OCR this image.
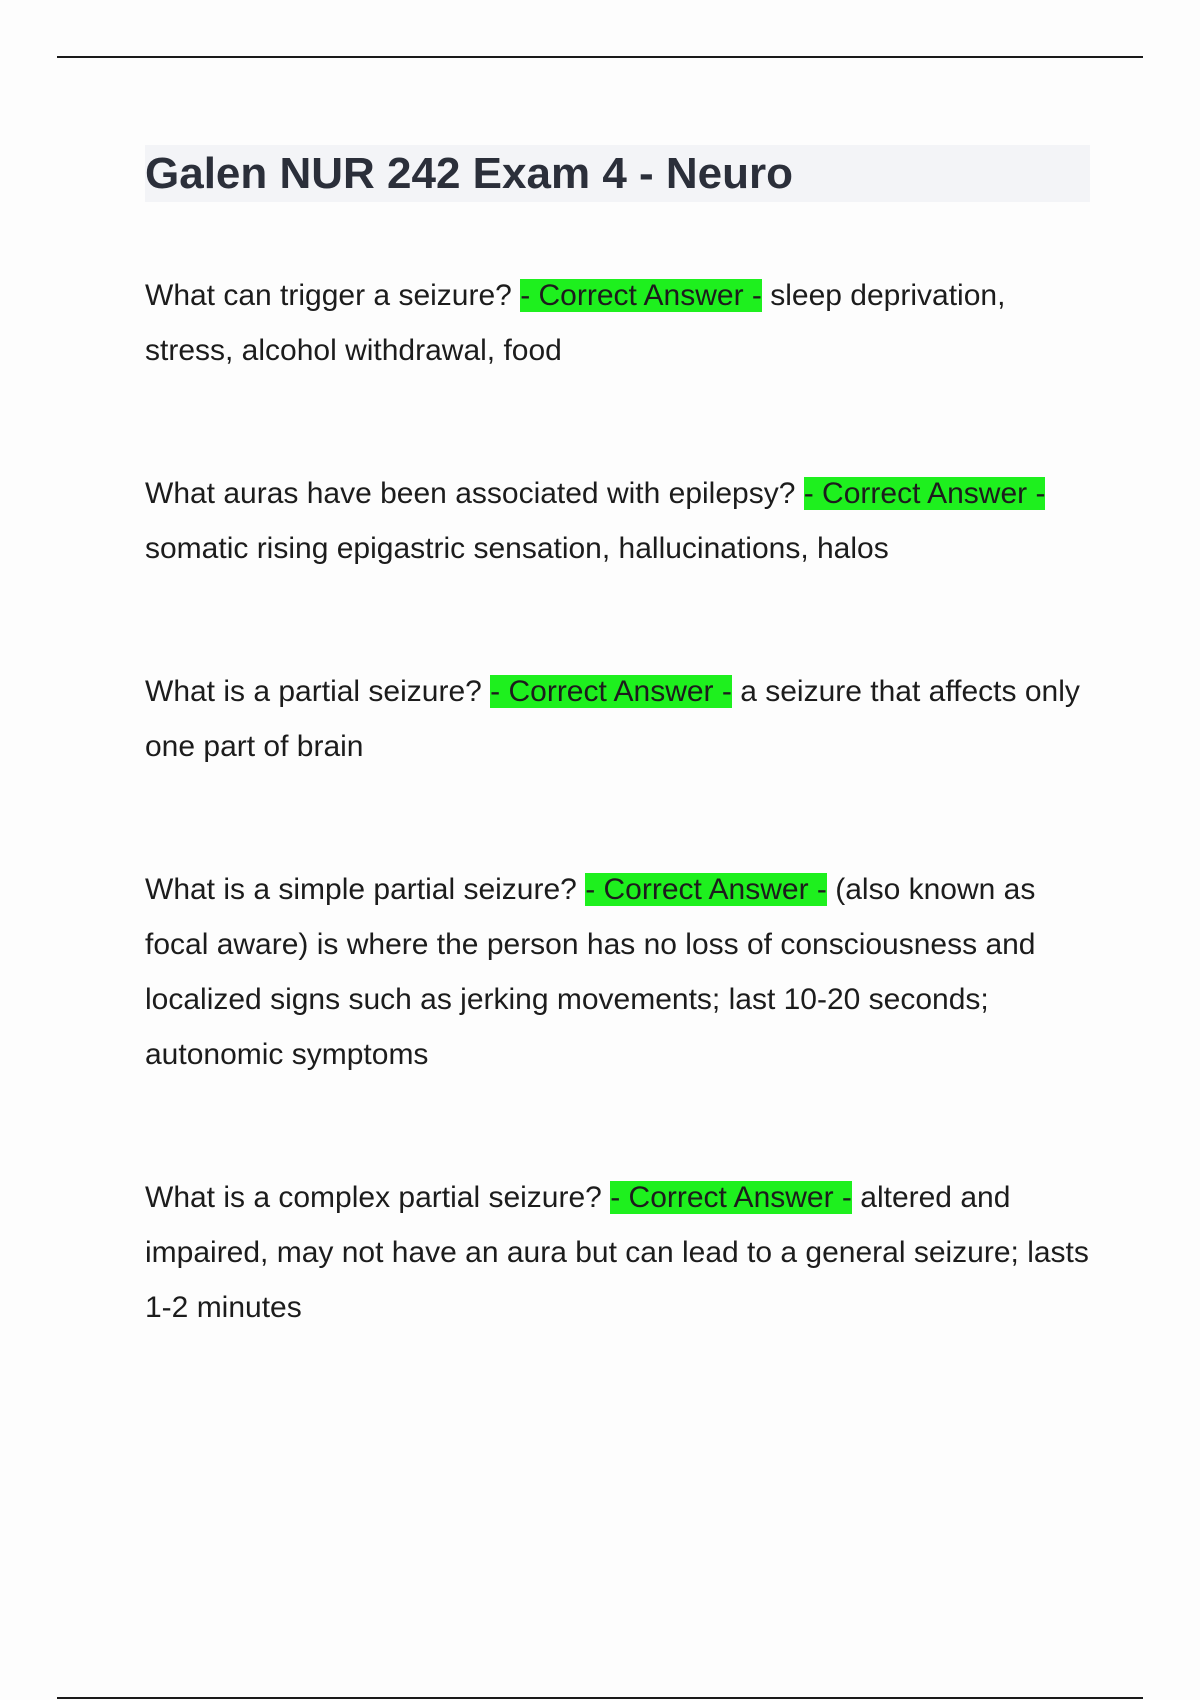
Galen NUR 242 Exam 4 - Neuro

What can trigger a seizure? - Correct Answer - sleep deprivation, stress, alcohol withdrawal, food

What auras have been associated with epilepsy? - Correct Answer - somatic rising epigastric sensation, hallucinations, halos

What is a partial seizure? - Correct Answer - a seizure that affects only one part of brain

What is a simple partial seizure? - Correct Answer - (also known as focal aware) is where the person has no loss of consciousness and localized signs such as jerking movements; last 10-20 seconds; autonomic symptoms

What is a complex partial seizure? - Correct Answer - altered and impaired, may not have an aura but can lead to a general seizure; lasts 1-2 minutes
